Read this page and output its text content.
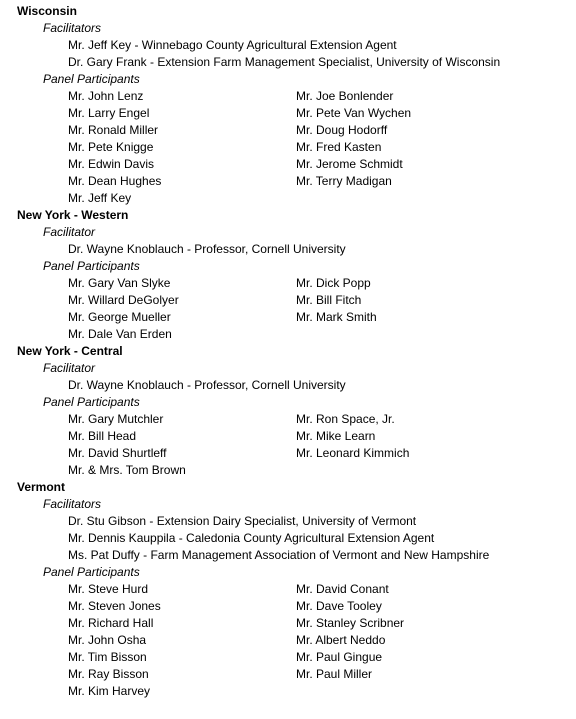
Wisconsin
Facilitators
Mr. Jeff Key - Winnebago County Agricultural Extension Agent
Dr. Gary Frank - Extension Farm Management Specialist, University of Wisconsin
Panel Participants
Mr. John Lenz
Mr. Larry Engel
Mr. Ronald Miller
Mr. Pete Knigge
Mr. Edwin Davis
Mr. Dean Hughes
Mr. Jeff Key
Mr. Joe Bonlender
Mr. Pete Van Wychen
Mr. Doug Hodorff
Mr. Fred Kasten
Mr. Jerome Schmidt
Mr. Terry Madigan
New York - Western
Facilitator
Dr. Wayne Knoblauch - Professor, Cornell University
Panel Participants
Mr. Gary Van Slyke
Mr. Willard DeGolyer
Mr. George Mueller
Mr. Dale Van Erden
Mr. Dick Popp
Mr. Bill Fitch
Mr. Mark Smith
New York - Central
Facilitator
Dr. Wayne Knoblauch - Professor, Cornell University
Panel Participants
Mr. Gary Mutchler
Mr. Bill Head
Mr. David Shurtleff
Mr. & Mrs. Tom Brown
Mr. Ron Space, Jr.
Mr. Mike Learn
Mr. Leonard Kimmich
Vermont
Facilitators
Dr. Stu Gibson - Extension Dairy Specialist, University of Vermont
Mr. Dennis Kauppila - Caledonia County Agricultural Extension Agent
Ms. Pat Duffy - Farm Management Association of Vermont and New Hampshire
Panel Participants
Mr. Steve Hurd
Mr. Steven Jones
Mr. Richard Hall
Mr. John Osha
Mr. Tim Bisson
Mr. Ray Bisson
Mr. Kim Harvey
Mr. David Conant
Mr. Dave Tooley
Mr. Stanley Scribner
Mr. Albert Neddo
Mr. Paul Gingue
Mr. Paul Miller
